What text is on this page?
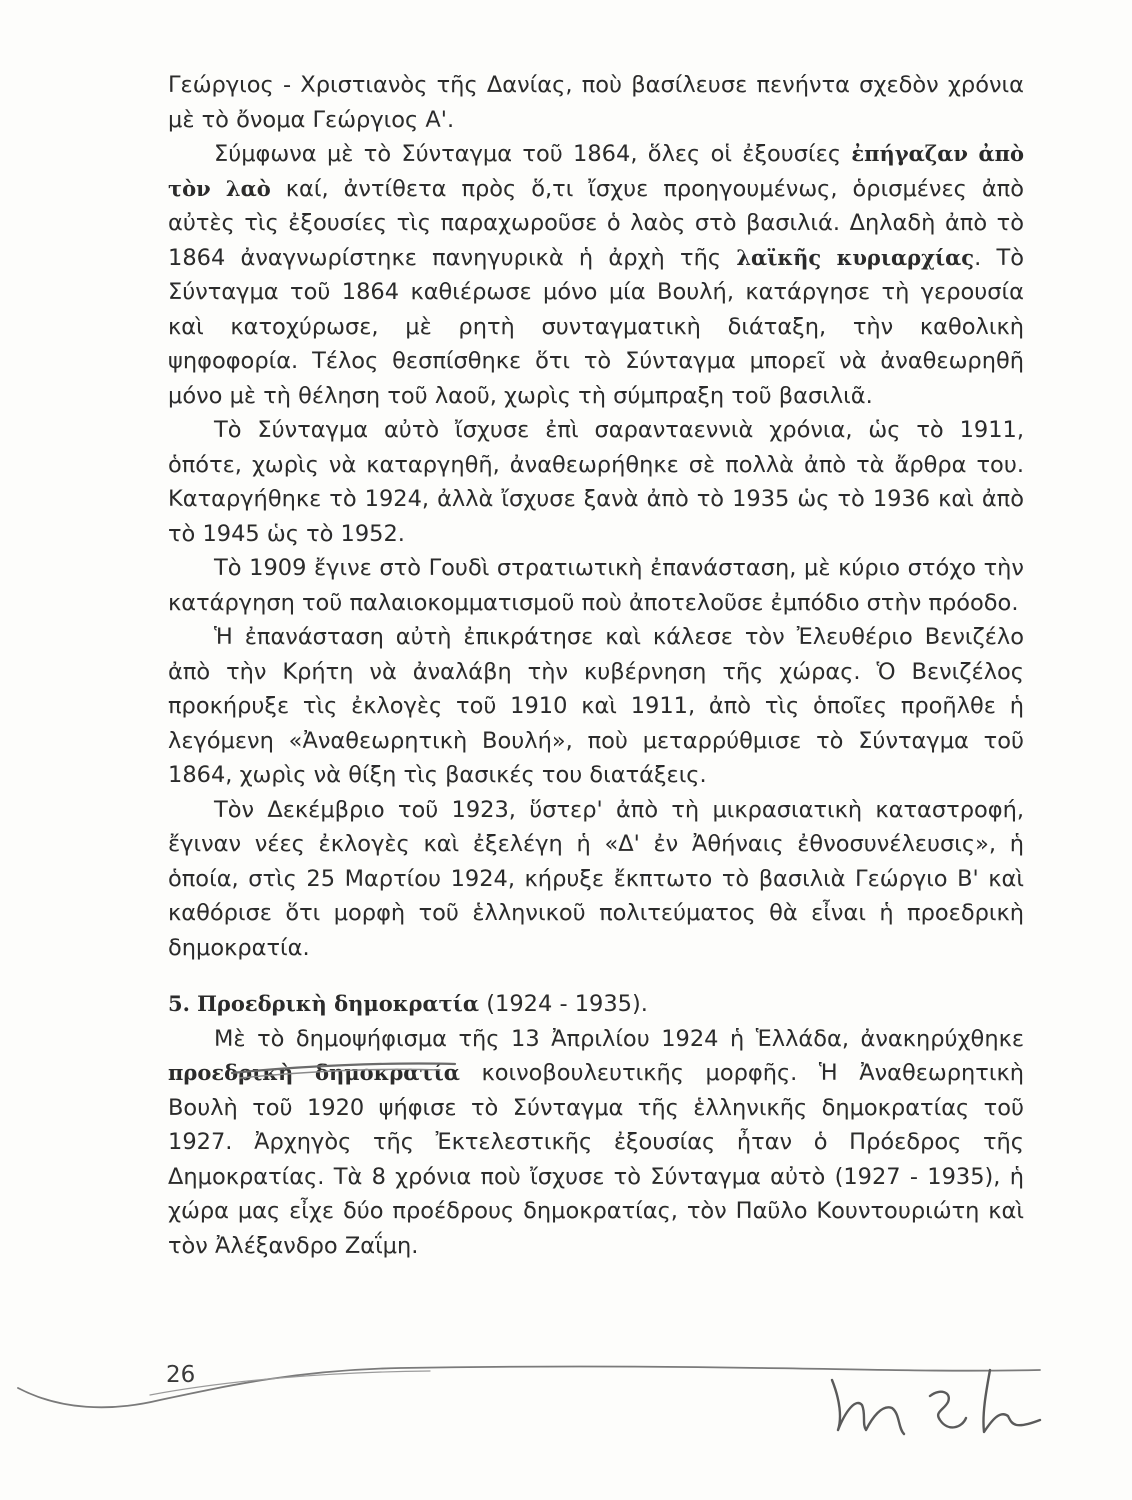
Γεώργιος - Χριστιανὸς τῆς Δανίας, ποὺ βασίλευσε πενήντα σχεδὸν χρόνια μὲ τὸ ὄνομα Γεώργιος Α'.

Σύμφωνα μὲ τὸ Σύνταγμα τοῦ 1864, ὅλες οἱ ἐξουσίες ἐπήγαζαν ἀπὸ τὸν λαὸ καί, ἀντίθετα πρὸς ὅ,τι ἴσχυε προηγουμένως, ὁρισμένες ἀπὸ αὐτὲς τὶς ἐξουσίες τὶς παραχωροῦσε ὁ λαὸς στὸ βασιλιά. Δηλαδὴ ἀπὸ τὸ 1864 ἀναγνωρίστηκε πανηγυρικὰ ἡ ἀρχὴ τῆς λαϊκῆς κυριαρχίας. Τὸ Σύνταγμα τοῦ 1864 καθιέρωσε μόνο μία Βουλή, κατάργησε τὴ γερουσία καὶ κατοχύρωσε, μὲ ρητὴ συνταγματικὴ διάταξη, τὴν καθολικὴ ψηφοφορία. Τέλος θεσπίσθηκε ὅτι τὸ Σύνταγμα μπορεῖ νὰ ἀναθεωρηθῆ μόνο μὲ τὴ θέληση τοῦ λαοῦ, χωρὶς τὴ σύμπραξη τοῦ βασιλιᾶ.

Τὸ Σύνταγμα αὐτὸ ἴσχυσε ἐπὶ σαρανταεννιὰ χρόνια, ὡς τὸ 1911, ὁπότε, χωρὶς νὰ καταργηθῆ, ἀναθεωρήθηκε σὲ πολλὰ ἀπὸ τὰ ἄρθρα του. Καταργήθηκε τὸ 1924, ἀλλὰ ἴσχυσε ξανὰ ἀπὸ τὸ 1935 ὡς τὸ 1936 καὶ ἀπὸ τὸ 1945 ὡς τὸ 1952.

Τὸ 1909 ἔγινε στὸ Γουδὶ στρατιωτικὴ ἐπανάσταση, μὲ κύριο στόχο τὴν κατάργηση τοῦ παλαιοκομματισμοῦ ποὺ ἀποτελοῦσε ἐμπόδιο στὴν πρόοδο.

Ἡ ἐπανάσταση αὐτὴ ἐπικράτησε καὶ κάλεσε τὸν Ἐλευθέριο Βενιζέλο ἀπὸ τὴν Κρήτη νὰ ἀναλάβη τὴν κυβέρνηση τῆς χώρας. Ὁ Βενιζέλος προκήρυξε τὶς ἐκλογὲς τοῦ 1910 καὶ 1911, ἀπὸ τὶς ὁποῖες προῆλθε ἡ λεγόμενη «Ἀναθεωρητικὴ Βουλή», ποὺ μεταρρύθμισε τὸ Σύνταγμα τοῦ 1864, χωρὶς νὰ θίξη τὶς βασικές του διατάξεις.

Τὸν Δεκέμβριο τοῦ 1923, ὕστερ' ἀπὸ τὴ μικρασιατικὴ καταστροφή, ἔγιναν νέες ἐκλογὲς καὶ ἐξελέγη ἡ «Δ' ἐν Ἀθήναις ἐθνοσυνέλευσις», ἡ ὁποία, στὶς 25 Μαρτίου 1924, κήρυξε ἔκπτωτο τὸ βασιλιὰ Γεώργιο Β' καὶ καθόρισε ὅτι μορφὴ τοῦ ἑλληνικοῦ πολιτεύματος θὰ εἶναι ἡ προεδρικὴ δημοκρατία.

5. Προεδρικὴ δημοκρατία (1924 - 1935).

Μὲ τὸ δημοψήφισμα τῆς 13 Ἀπριλίου 1924 ἡ Ἑλλάδα, ἀνακηρύχθηκε προεδρικὴ δημοκρατία κοινοβουλευτικῆς μορφῆς. Ἡ Ἀναθεωρητικὴ Βουλὴ τοῦ 1920 ψήφισε τὸ Σύνταγμα τῆς ἑλληνικῆς δημοκρατίας τοῦ 1927. Ἀρχηγὸς τῆς Ἐκτελεστικῆς ἐξουσίας ἦταν ὁ Πρόεδρος τῆς Δημοκρατίας. Τὰ 8 χρόνια ποὺ ἴσχυσε τὸ Σύνταγμα αὐτὸ (1927 - 1935), ἡ χώρα μας εἶχε δύο προέδρους δημοκρατίας, τὸν Παῦλο Κουντουριώτη καὶ τὸν Ἀλέξανδρο Ζαΐμη.

26
